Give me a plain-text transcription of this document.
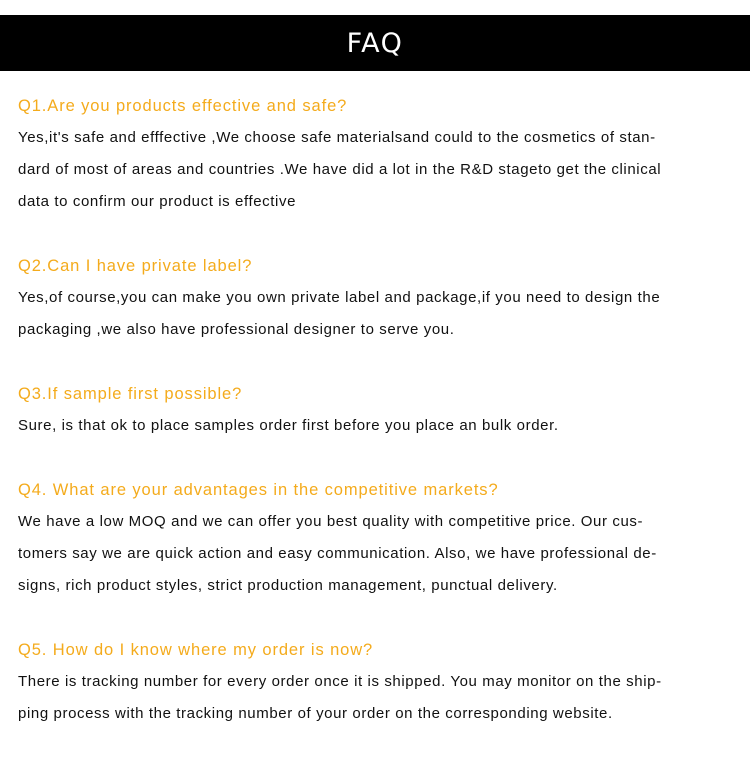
FAQ

Q1.Are you products effective and safe?

Yes,it's safe and efffective ,We choose safe materialsand could to the cosmetics of stan-
dard of most of areas and countries .We have did a lot in the R&D stageto get the clinical
data to confirm our product is effective

Q2.Can I have private label?

Yes,of course,you can make you own private label and package,if you need to design the
packaging ,we also have professional designer to serve you.

Q3.If sample first possible?

Sure, is that ok to place samples order first before you place an bulk order.

Q4. What are your advantages in the competitive markets?

We have a low MOQ and we can offer you best quality with competitive price. Our cus-
tomers say we are quick action and easy communication. Also, we have professional de-
signs, rich product styles, strict production management, punctual delivery.

Q5. How do I know where my order is now?

There is tracking number for every order once it is shipped. You may monitor on the ship-
ping process with the tracking number of your order on the corresponding website.
